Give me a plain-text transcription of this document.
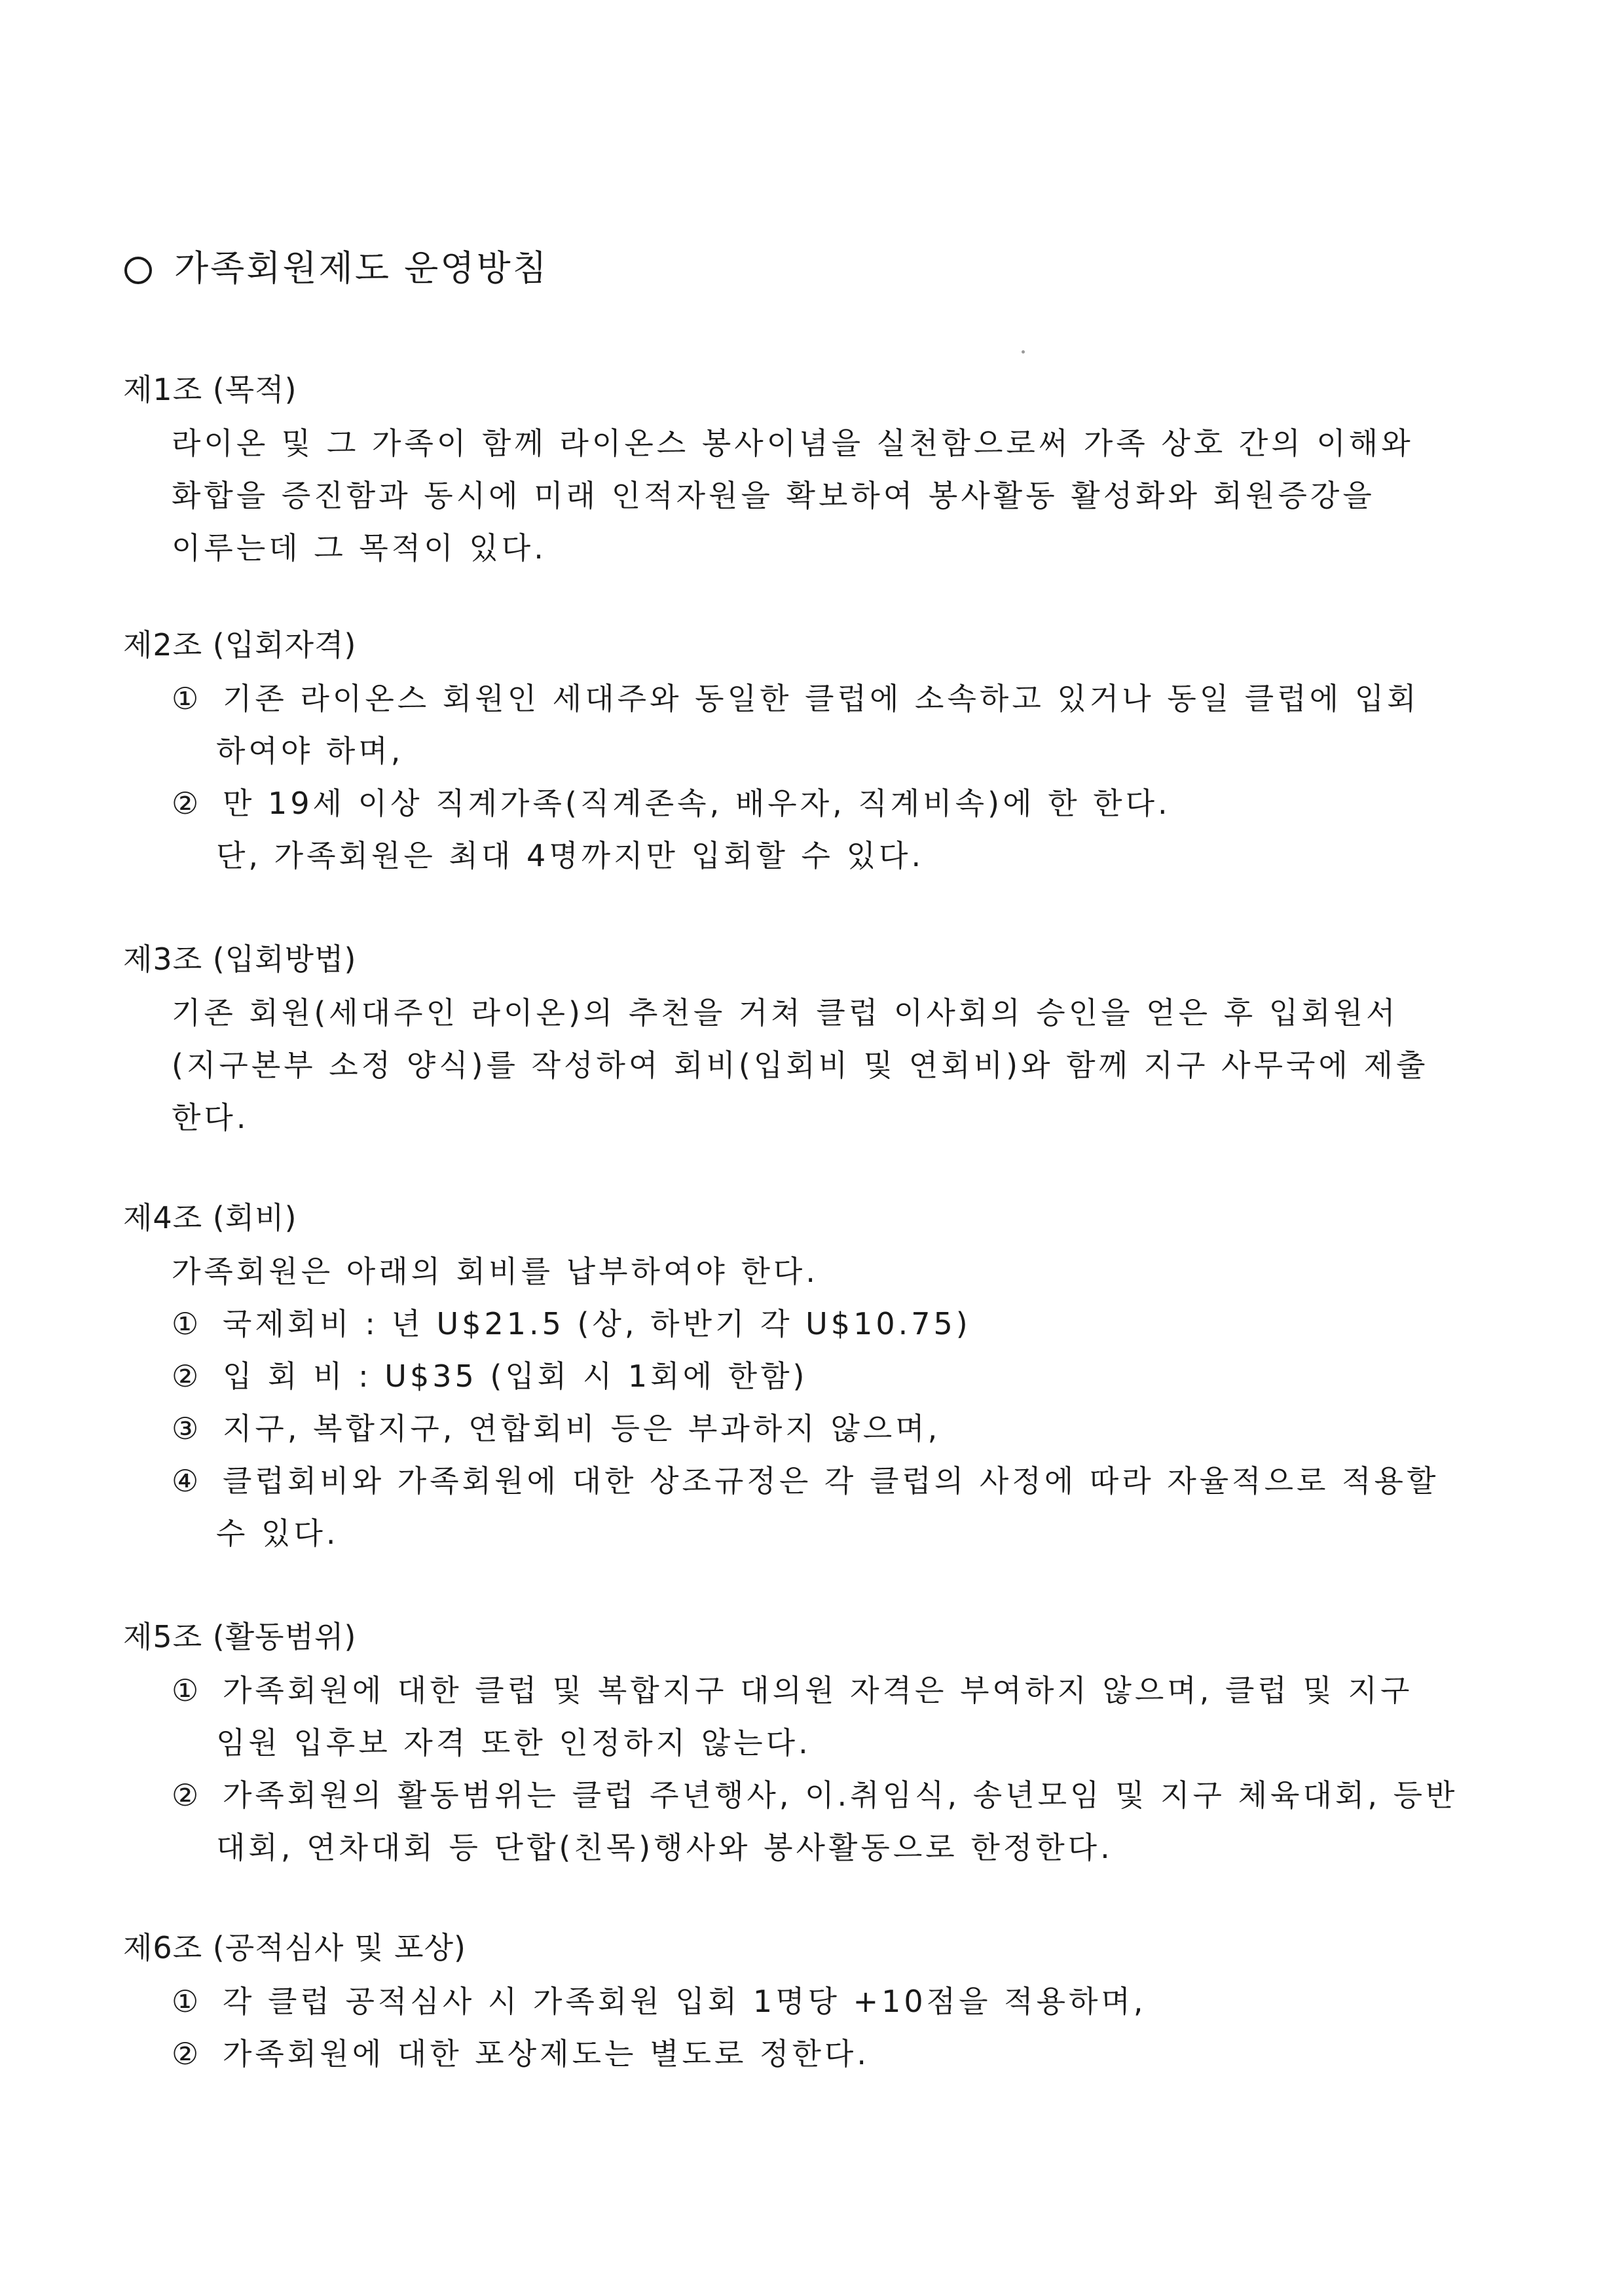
가족회원제도 운영방침
제1조 (목적)
라이온 및 그 가족이 함께 라이온스 봉사이념을 실천함으로써 가족 상호 간의 이해와
화합을 증진함과 동시에 미래 인적자원을 확보하여 봉사활동 활성화와 회원증강을
이루는데 그 목적이 있다.
제2조 (입회자격)
① 기존 라이온스 회원인 세대주와 동일한 클럽에 소속하고 있거나 동일 클럽에 입회
하여야 하며,
② 만 19세 이상 직계가족(직계존속, 배우자, 직계비속)에 한 한다.
단, 가족회원은 최대 4명까지만 입회할 수 있다.
제3조 (입회방법)
기존 회원(세대주인 라이온)의 추천을 거쳐 클럽 이사회의 승인을 얻은 후 입회원서
(지구본부 소정 양식)를 작성하여 회비(입회비 및 연회비)와 함께 지구 사무국에 제출
한다.
제4조 (회비)
가족회원은 아래의 회비를 납부하여야 한다.
① 국제회비 : 년 U$21.5 (상, 하반기 각 U$10.75)
② 입 회 비 : U$35 (입회 시 1회에 한함)
③ 지구, 복합지구, 연합회비 등은 부과하지 않으며,
④ 클럽회비와 가족회원에 대한 상조규정은 각 클럽의 사정에 따라 자율적으로 적용할
수 있다.
제5조 (활동범위)
① 가족회원에 대한 클럽 및 복합지구 대의원 자격은 부여하지 않으며, 클럽 및 지구
임원 입후보 자격 또한 인정하지 않는다.
② 가족회원의 활동범위는 클럽 주년행사, 이.취임식, 송년모임 및 지구 체육대회, 등반
대회, 연차대회 등 단합(친목)행사와 봉사활동으로 한정한다.
제6조 (공적심사 및 포상)
① 각 클럽 공적심사 시 가족회원 입회 1명당 +10점을 적용하며,
② 가족회원에 대한 포상제도는 별도로 정한다.
